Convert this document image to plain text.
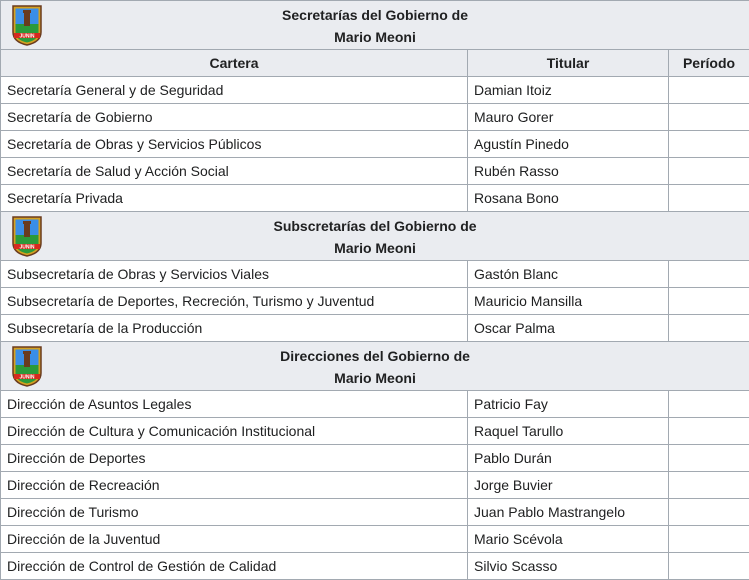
JUNIN
Secretarías del Gobierno de
Mario Meoni		

Cartera	Titular	Período
Secretaría General y de Seguridad	Damian Itoiz	
Secretaría de Gobierno	Mauro Gorer	
Secretaría de Obras y Servicios Públicos	Agustín Pinedo	
Secretaría de Salud y Acción Social	Rubén Rasso	
Secretaría Privada	Rosana Bono	

JUNIN
Subscretarías del Gobierno de
Mario Meoni		

Subsecretaría de Obras y Servicios Viales	Gastón Blanc	
Subsecretaría de Deportes, Recreción, Turismo y Juventud	Mauricio Mansilla	
Subsecretaría de la Producción	Oscar Palma	

JUNIN
Direcciones del Gobierno de
Mario Meoni		

Dirección de Asuntos Legales	Patricio Fay	
Dirección de Cultura y Comunicación Institucional	Raquel Tarullo	
Dirección de Deportes	Pablo Durán	
Dirección de Recreación	Jorge Buvier	
Dirección de Turismo	Juan Pablo Mastrangelo	
Dirección de la Juventud	Mario Scévola	
Dirección de Control de Gestión de Calidad	Silvio Scasso	
